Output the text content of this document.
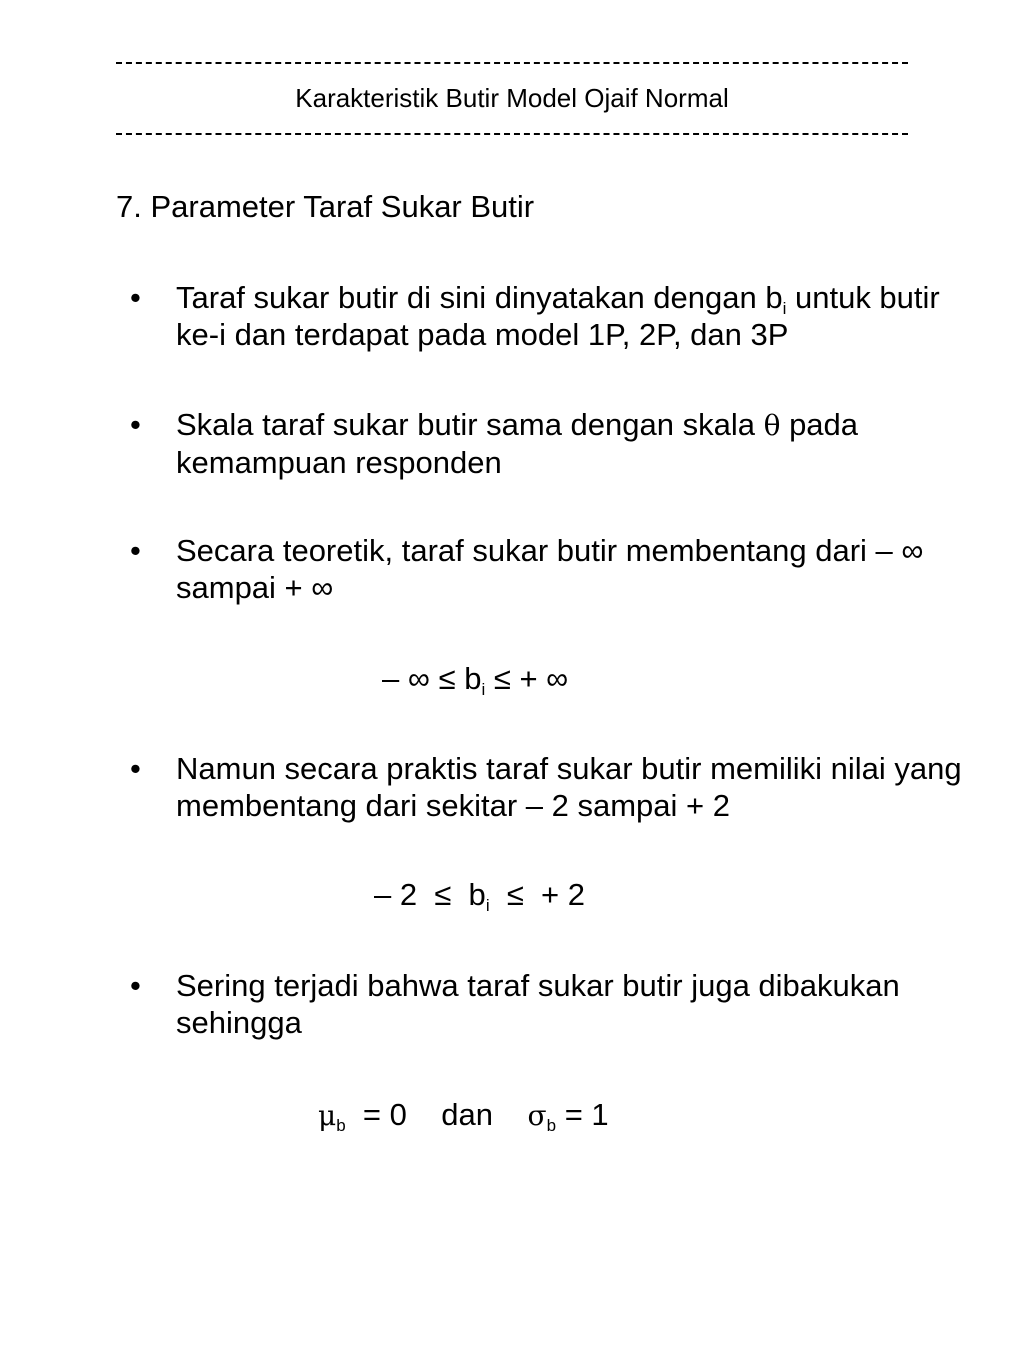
Karakteristik Butir Model Ojaif Normal
7. Parameter Taraf Sukar Butir
•	Taraf sukar butir di sini dinyatakan dengan $b_i$ untuk butir ke-i dan terdapat pada model 1P, 2P, dan 3P
•	Skala taraf sukar butir sama dengan skala θ pada kemampuan responden
•	Secara teoretik, taraf sukar butir membentang dari – ∞ sampai + ∞
– ∞ ≤ $b_i$ ≤ + ∞
•	Namun secara praktis taraf sukar butir memiliki nilai yang membentang dari sekitar – 2 sampai + 2
– $2 \le b_i$  ≤  + 2
•	Sering terjadi bahwa taraf sukar butir juga dibakukan sehingga
$\mu_b = 0$    dan    $\sigma_b = 1$
